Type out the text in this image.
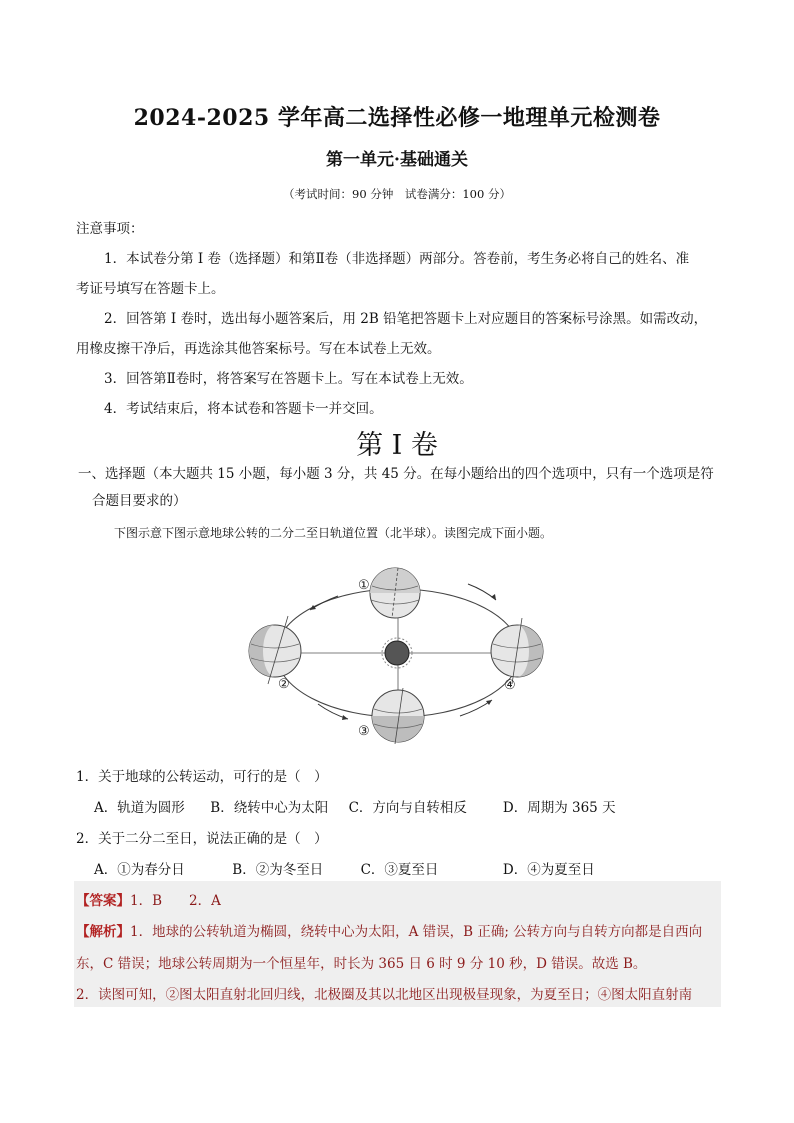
2024-2025 学年高二选择性必修一地理单元检测卷
第一单元·基础通关
（考试时间：90 分钟　试卷满分：100 分）
注意事项：
1．本试卷分第 I 卷（选择题）和第Ⅱ卷（非选择题）两部分。答卷前，考生务必将自己的姓名、准
考证号填写在答题卡上。
2．回答第 I 卷时，选出每小题答案后，用 2B 铅笔把答题卡上对应题目的答案标号涂黑。如需改动，
用橡皮擦干净后，再选涂其他答案标号。写在本试卷上无效。
3．回答第Ⅱ卷时，将答案写在答题卡上。写在本试卷上无效。
4．考试结束后，将本试卷和答题卡一并交回。
第 I 卷
一、选择题（本大题共 15 小题，每小题 3 分，共 45 分。在每小题给出的四个选项中，只有一个选项是符
合题目要求的）
下图示意下图示意地球公转的二分二至日轨道位置（北半球）。读图完成下面小题。
①
②
③
④
1．关于地球的公转运动，可行的是（　）
A．轨道为圆形 B．绕转中心为太阳 C．方向与自转相反	D．周期为 365 天
2．关于二分二至日，说法正确的是（　）
A．①为春分日	B．②为冬至日	C．③夏至日	D．④为夏至日
【答案】1．B　　2．A
【解析】1．地球的公转轨道为椭圆，绕转中心为太阳，A 错误，B 正确; 公转方向与自转方向都是自西向
东，C 错误；地球公转周期为一个恒星年，时长为 365 日 6 时 9 分 10 秒，D 错误。故选 B。
2．读图可知，②图太阳直射北回归线，北极圈及其以北地区出现极昼现象，为夏至日；④图太阳直射南
